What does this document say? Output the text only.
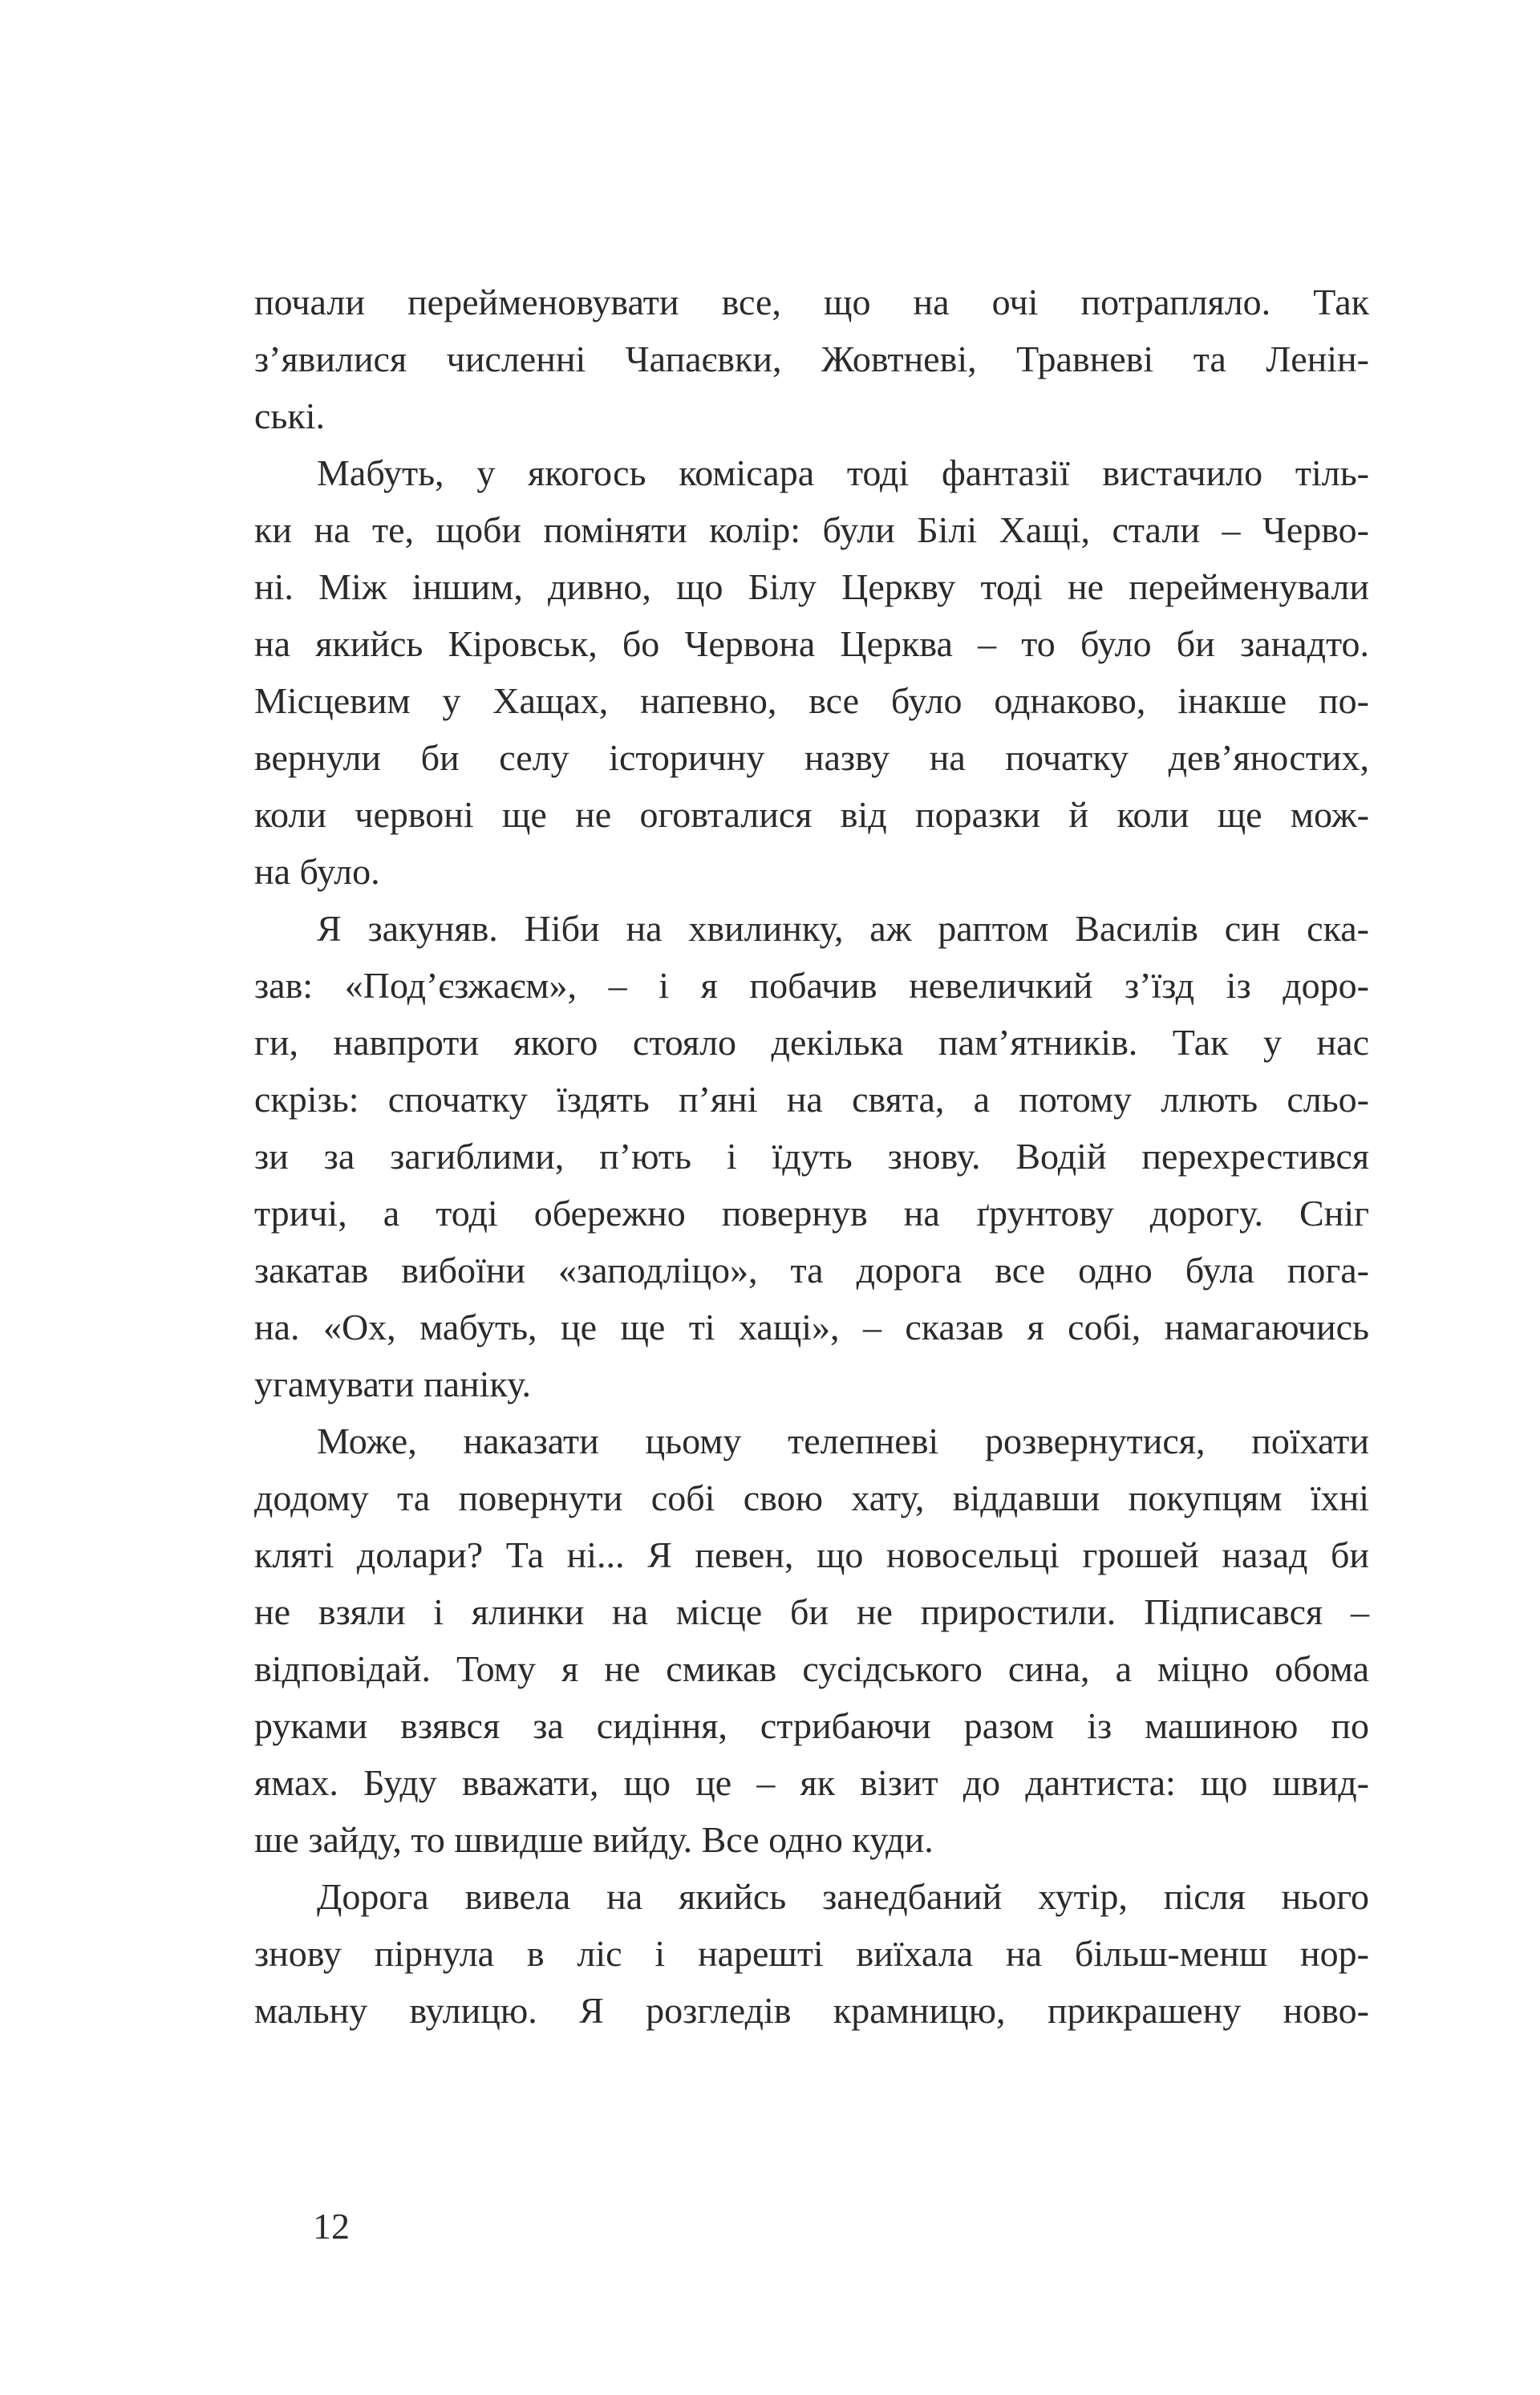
почали перейменовувати все, що на очі потрапляло. Так
з’явилися численні Чапаєвки, Жовтневі, Травневі та Ленін-
ські.
Мабуть, у якогось комісара тоді фантазії вистачило тіль-
ки на те, щоби поміняти колір: були Білі Хащі, стали – Черво-
ні. Між іншим, дивно, що Білу Церкву тоді не перейменували
на якийсь Кіровськ, бо Червона Церква – то було би занадто.
Місцевим у Хащах, напевно, все було однаково, інакше по-
вернули би селу історичну назву на початку дев’яностих,
коли червоні ще не оговталися від поразки й коли ще мож-
на було.
Я закуняв. Ніби на хвилинку, аж раптом Василів син ска-
зав: «Под’єзжаєм», – і я побачив невеличкий з’їзд із доро-
ги, навпроти якого стояло декілька пам’ятників. Так у нас
скрізь: спочатку їздять п’яні на свята, а потому ллють сльо-
зи за загиблими, п’ють і їдуть знову. Водій перехрестився
тричі, а тоді обережно повернув на ґрунтову дорогу. Сніг
закатав вибоїни «заподліцо», та дорога все одно була пога-
на. «Ох, мабуть, це ще ті хащі», – сказав я собі, намагаючись
угамувати паніку.
Може, наказати цьому телепневі розвернутися, поїхати
додому та повернути собі свою хату, віддавши покупцям їхні
кляті долари? Та ні... Я певен, що новосельці грошей назад би
не взяли і ялинки на місце би не приростили. Підписався –
відповідай. Тому я не смикав сусідського сина, а міцно обома
руками взявся за сидіння, стрибаючи разом із машиною по
ямах. Буду вважати, що це – як візит до дантиста: що швид-
ше зайду, то швидше вийду. Все одно куди.
Дорога вивела на якийсь занедбаний хутір, після нього
знову пірнула в ліс і нарешті виїхала на більш-менш нор-
мальну вулицю. Я розгледів крамницю, прикрашену ново-
12
